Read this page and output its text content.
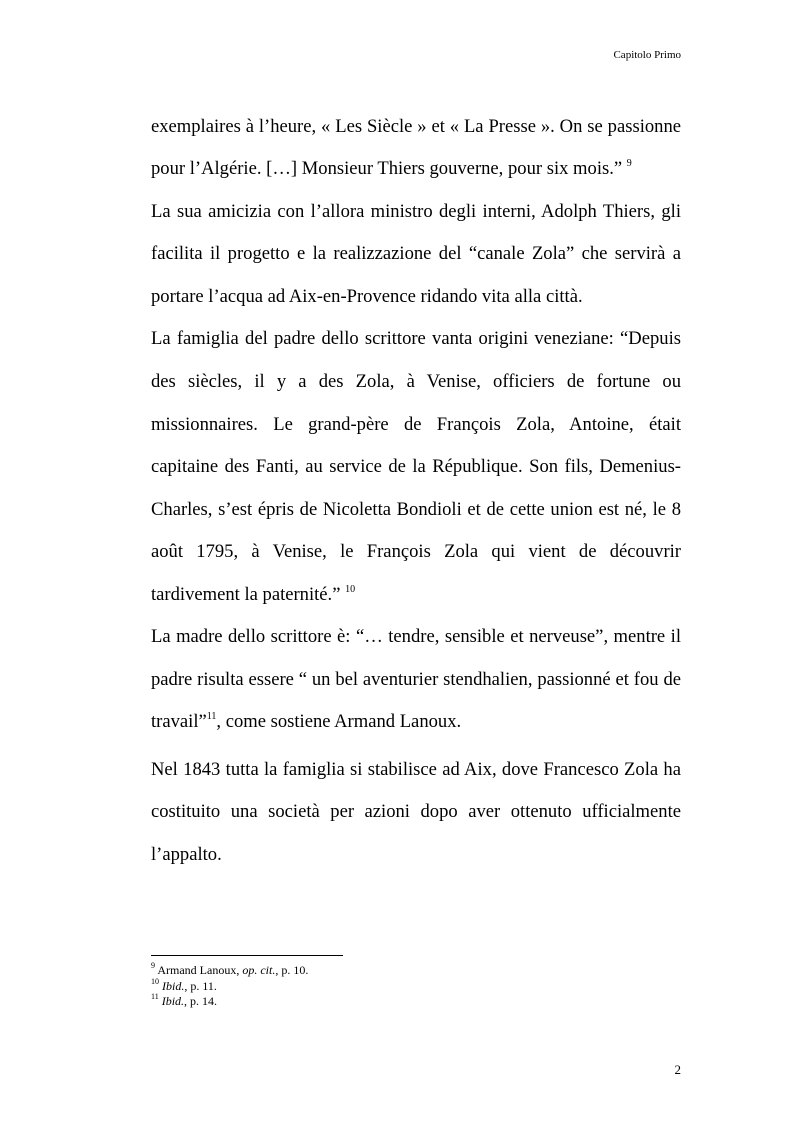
Capitolo Primo
exemplaires à l’heure, « Les Siècle » et « La Presse ». On se passionne
pour l’Algérie. […] Monsieur Thiers gouverne, pour six mois.” $^9$
La sua amicizia con l’allora ministro degli interni, Adolph Thiers, gli
facilita il progetto e la realizzazione del “canale Zola” che servirà a
portare l’acqua ad Aix-en-Provence ridando vita alla città.
La famiglia del padre dello scrittore vanta origini veneziane: “Depuis
des siècles, il y a des Zola, à Venise, officiers de fortune ou
missionnaires. Le grand-père de François Zola, Antoine, était
capitaine des Fanti, au service de la République. Son fils, Demenius-
Charles, s’est épris de Nicoletta Bondioli et de cette union est né, le 8
août 1795, à Venise, le François Zola qui vient de découvrir
tardivement la paternité.” $^{10}$
La madre dello scrittore è: “… tendre, sensible et nerveuse”, mentre il
padre risulta essere “ un bel aventurier stendhalien, passionné et fou de
travail”$^{11}$, come sostiene Armand Lanoux.
Nel 1843 tutta la famiglia si stabilisce ad Aix, dove Francesco Zola ha
costituito una società per azioni dopo aver ottenuto ufficialmente
l’appalto.
$^9$ Armand Lanoux, op. cit., p. 10.
$^{10}$ Ibid., p. 11.
$^{11}$ Ibid., p. 14.
2
